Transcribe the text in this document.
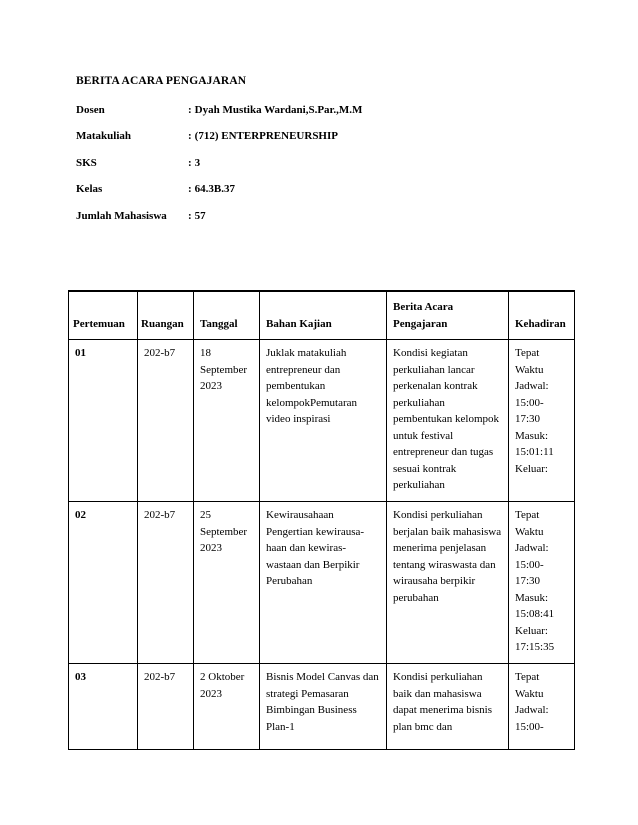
BERITA ACARA PENGAJARAN
Dosen	: Dyah Mustika Wardani,S.Par.,M.M
Matakuliah	: (712) ENTERPRENEURSHIP
SKS	: 3
Kelas	: 64.3B.37
Jumlah Mahasiswa : 57
Pertemuan	Ruangan	Tanggal	Bahan Kajian	Berita Acara Pengajaran	Kehadiran
01	202-b7	18 September 2023	Juklak matakuliah entrepreneur dan pembentukan kelompokPemutaran video inspirasi	Kondisi kegiatan perkuliahan lancar perkenalan kontrak perkuliahan pembentukan kelompok untuk festival entrepreneur dan tugas sesuai kontrak perkuliahan	Tepat Waktu Jadwal: 15:00-17:30 Masuk: 15:01:11 Keluar:
02	202-b7	25 September 2023	Kewirausahaan Pengertian kewirausa-haan dan kewiras-wastaan dan Berpikir Perubahan	Kondisi perkuliahan berjalan baik mahasiswa menerima penjelasan tentang wiraswasta dan wirausaha berpikir perubahan	Tepat Waktu Jadwal: 15:00-17:30 Masuk: 15:08:41 Keluar: 17:15:35
03	202-b7	2 Oktober 2023	Bisnis Model Canvas dan strategi Pemasaran Bimbingan Business Plan-1	Kondisi perkuliahan baik dan mahasiswa dapat menerima bisnis plan bmc dan	Tepat Waktu Jadwal: 15:00-
